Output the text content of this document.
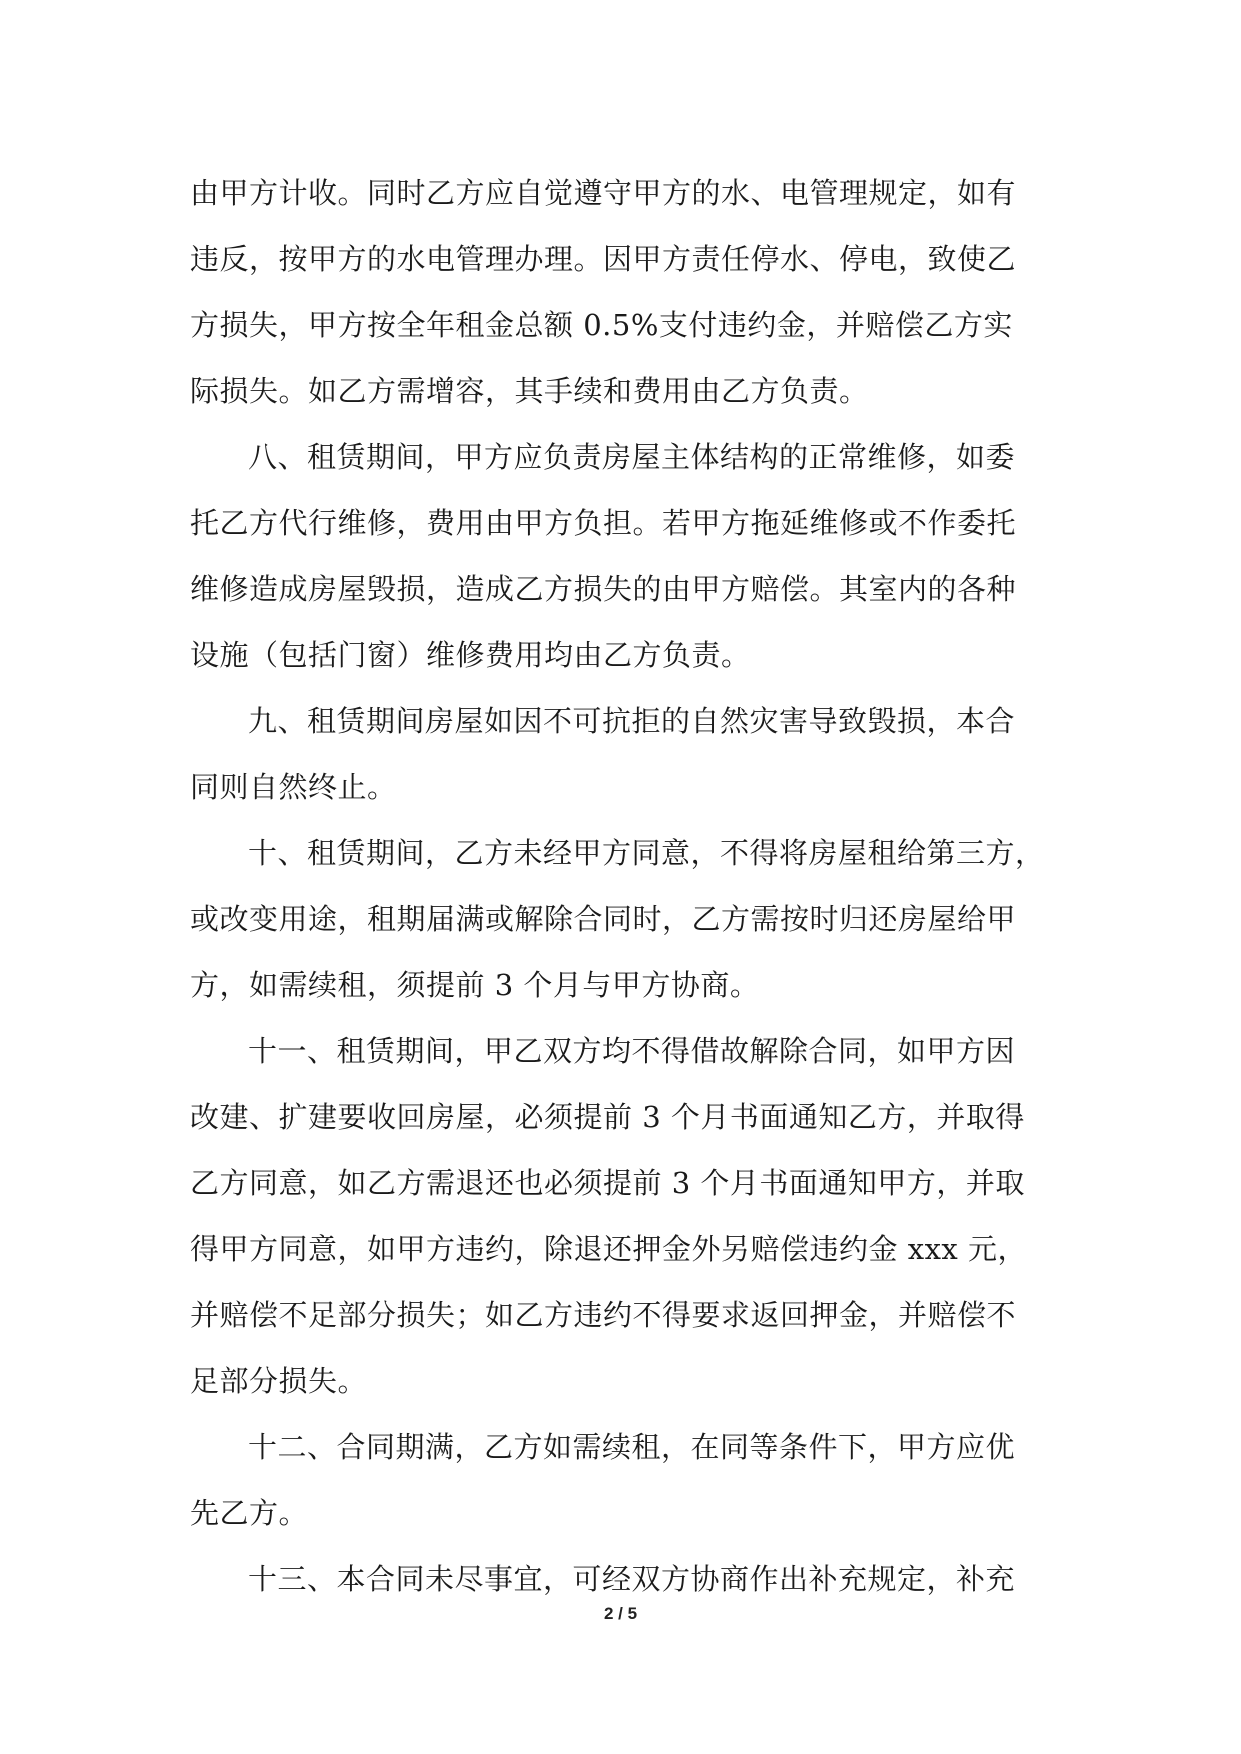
由甲方计收。同时乙方应自觉遵守甲方的水、电管理规定，如有
违反，按甲方的水电管理办理。因甲方责任停水、停电，致使乙
方损失，甲方按全年租金总额 0.5%支付违约金，并赔偿乙方实
际损失。如乙方需增容，其手续和费用由乙方负责。

八、租赁期间，甲方应负责房屋主体结构的正常维修，如委
托乙方代行维修，费用由甲方负担。若甲方拖延维修或不作委托
维修造成房屋毁损，造成乙方损失的由甲方赔偿。其室内的各种
设施（包括门窗）维修费用均由乙方负责。

九、租赁期间房屋如因不可抗拒的自然灾害导致毁损，本合
同则自然终止。

十、租赁期间，乙方未经甲方同意，不得将房屋租给第三方，
或改变用途，租期届满或解除合同时，乙方需按时归还房屋给甲
方，如需续租，须提前 3 个月与甲方协商。

十一、租赁期间，甲乙双方均不得借故解除合同，如甲方因
改建、扩建要收回房屋，必须提前 3 个月书面通知乙方，并取得
乙方同意，如乙方需退还也必须提前 3 个月书面通知甲方，并取
得甲方同意，如甲方违约，除退还押金外另赔偿违约金 xxx 元，
并赔偿不足部分损失；如乙方违约不得要求返回押金，并赔偿不
足部分损失。

十二、合同期满，乙方如需续租，在同等条件下，甲方应优
先乙方。

十三、本合同未尽事宜，可经双方协商作出补充规定，补充

2 / 5
